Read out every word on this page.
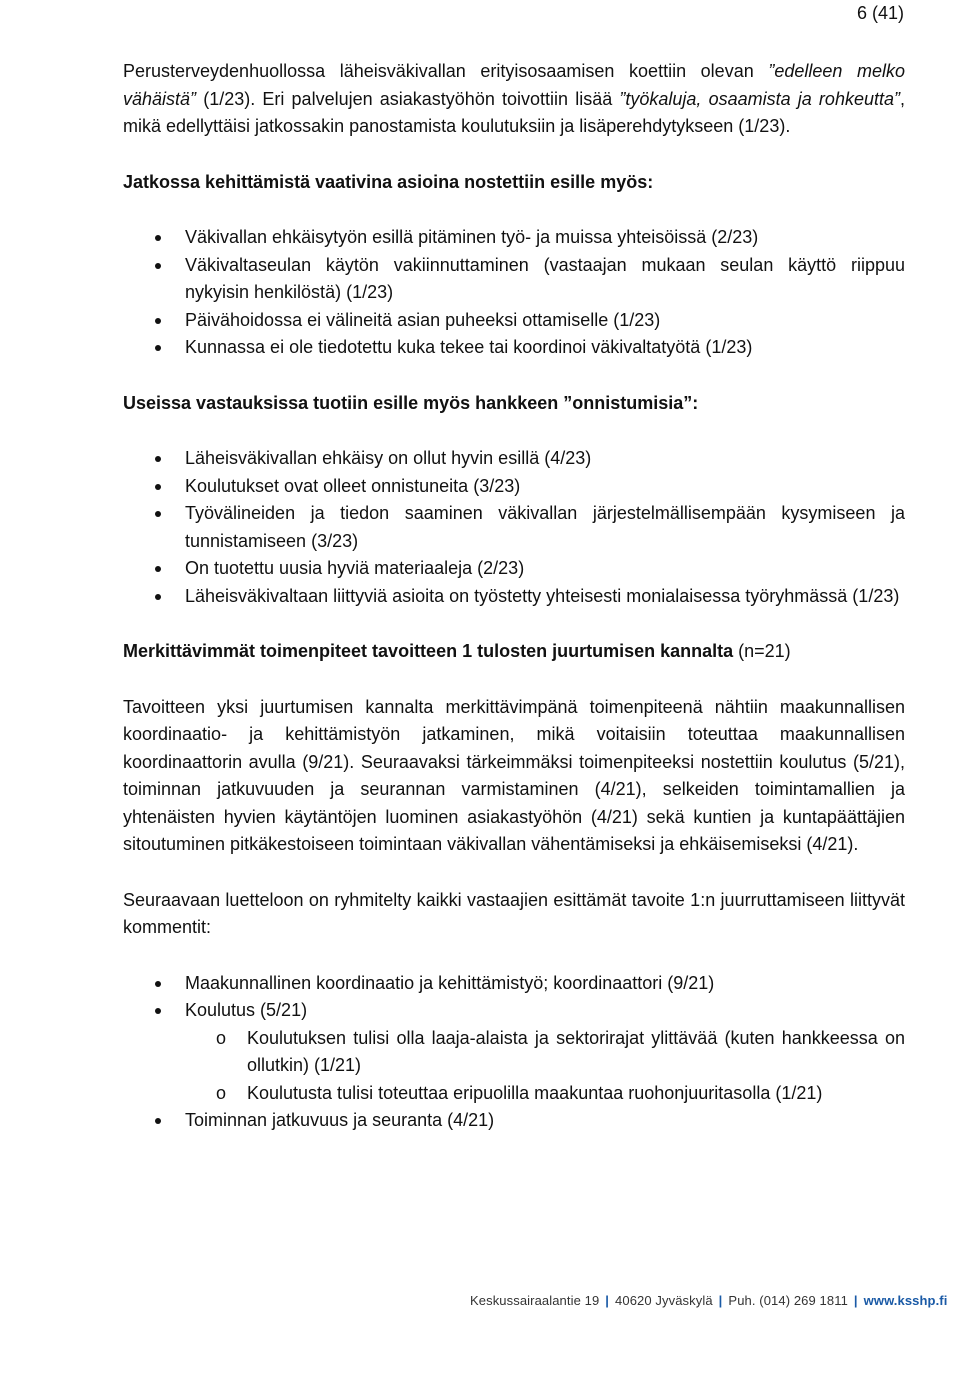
6 (41)

Perusterveydenhuollossa läheisväkivallan erityisosaamisen koettiin olevan ”edelleen melko vähäistä” (1/23). Eri palvelujen asiakastyöhön toivottiin lisää ”työkaluja, osaamista ja rohkeutta”, mikä edellyttäisi jatkossakin panostamista koulutuksiin ja lisäperehdytykseen (1/23).

Jatkossa kehittämistä vaativina asioina nostettiin esille myös:

Väkivallan ehkäisytyön esillä pitäminen työ- ja muissa yhteisöissä (2/23)
Väkivaltaseulan käytön vakiinnuttaminen (vastaajan mukaan seulan käyttö riippuu nykyisin henkilöstä) (1/23)
Päivähoidossa ei välineitä asian puheeksi ottamiselle (1/23)
Kunnassa ei ole tiedotettu kuka tekee tai koordinoi väkivaltatyötä (1/23)

Useissa vastauksissa tuotiin esille myös hankkeen ”onnistumisia”:

Läheisväkivallan ehkäisy on ollut hyvin esillä (4/23)
Koulutukset ovat olleet onnistuneita (3/23)
Työvälineiden ja tiedon saaminen väkivallan järjestelmällisempään kysymiseen ja tunnistamiseen (3/23)
On tuotettu uusia hyviä materiaaleja (2/23)
Läheisväkivaltaan liittyviä asioita on työstetty yhteisesti monialaisessa työryhmässä (1/23)

Merkittävimmät toimenpiteet tavoitteen 1 tulosten juurtumisen kannalta (n=21)

Tavoitteen yksi juurtumisen kannalta merkittävimpänä toimenpiteenä nähtiin maakunnallisen koordinaatio- ja kehittämistyön jatkaminen, mikä voitaisiin toteuttaa maakunnallisen koordinaattorin avulla (9/21). Seuraavaksi tärkeimmäksi toimenpiteeksi nostettiin koulutus (5/21), toiminnan jatkuvuuden ja seurannan varmistaminen (4/21), selkeiden toimintamallien ja yhtenäisten hyvien käytäntöjen luominen asiakastyöhön (4/21) sekä kuntien ja kuntapäättäjien sitoutuminen pitkäkestoiseen toimintaan väkivallan vähentämiseksi ja ehkäisemiseksi (4/21).

Seuraavaan luetteloon on ryhmitelty kaikki vastaajien esittämät tavoite 1:n juurruttamiseen liittyvät kommentit:

Maakunnallinen koordinaatio ja kehittämistyö; koordinaattori (9/21)
Koulutus (5/21)
o Koulutuksen tulisi olla laaja-alaista ja sektorirajat ylittävää (kuten hankkeessa on ollutkin) (1/21)
o Koulutusta tulisi toteuttaa eripuolilla maakuntaa ruohonjuuritasolla (1/21)
Toiminnan jatkuvuus ja seuranta (4/21)
Keskussairaalantie 19 | 40620 Jyväskylä | Puh. (014) 269 1811 | www.ksshp.fi
